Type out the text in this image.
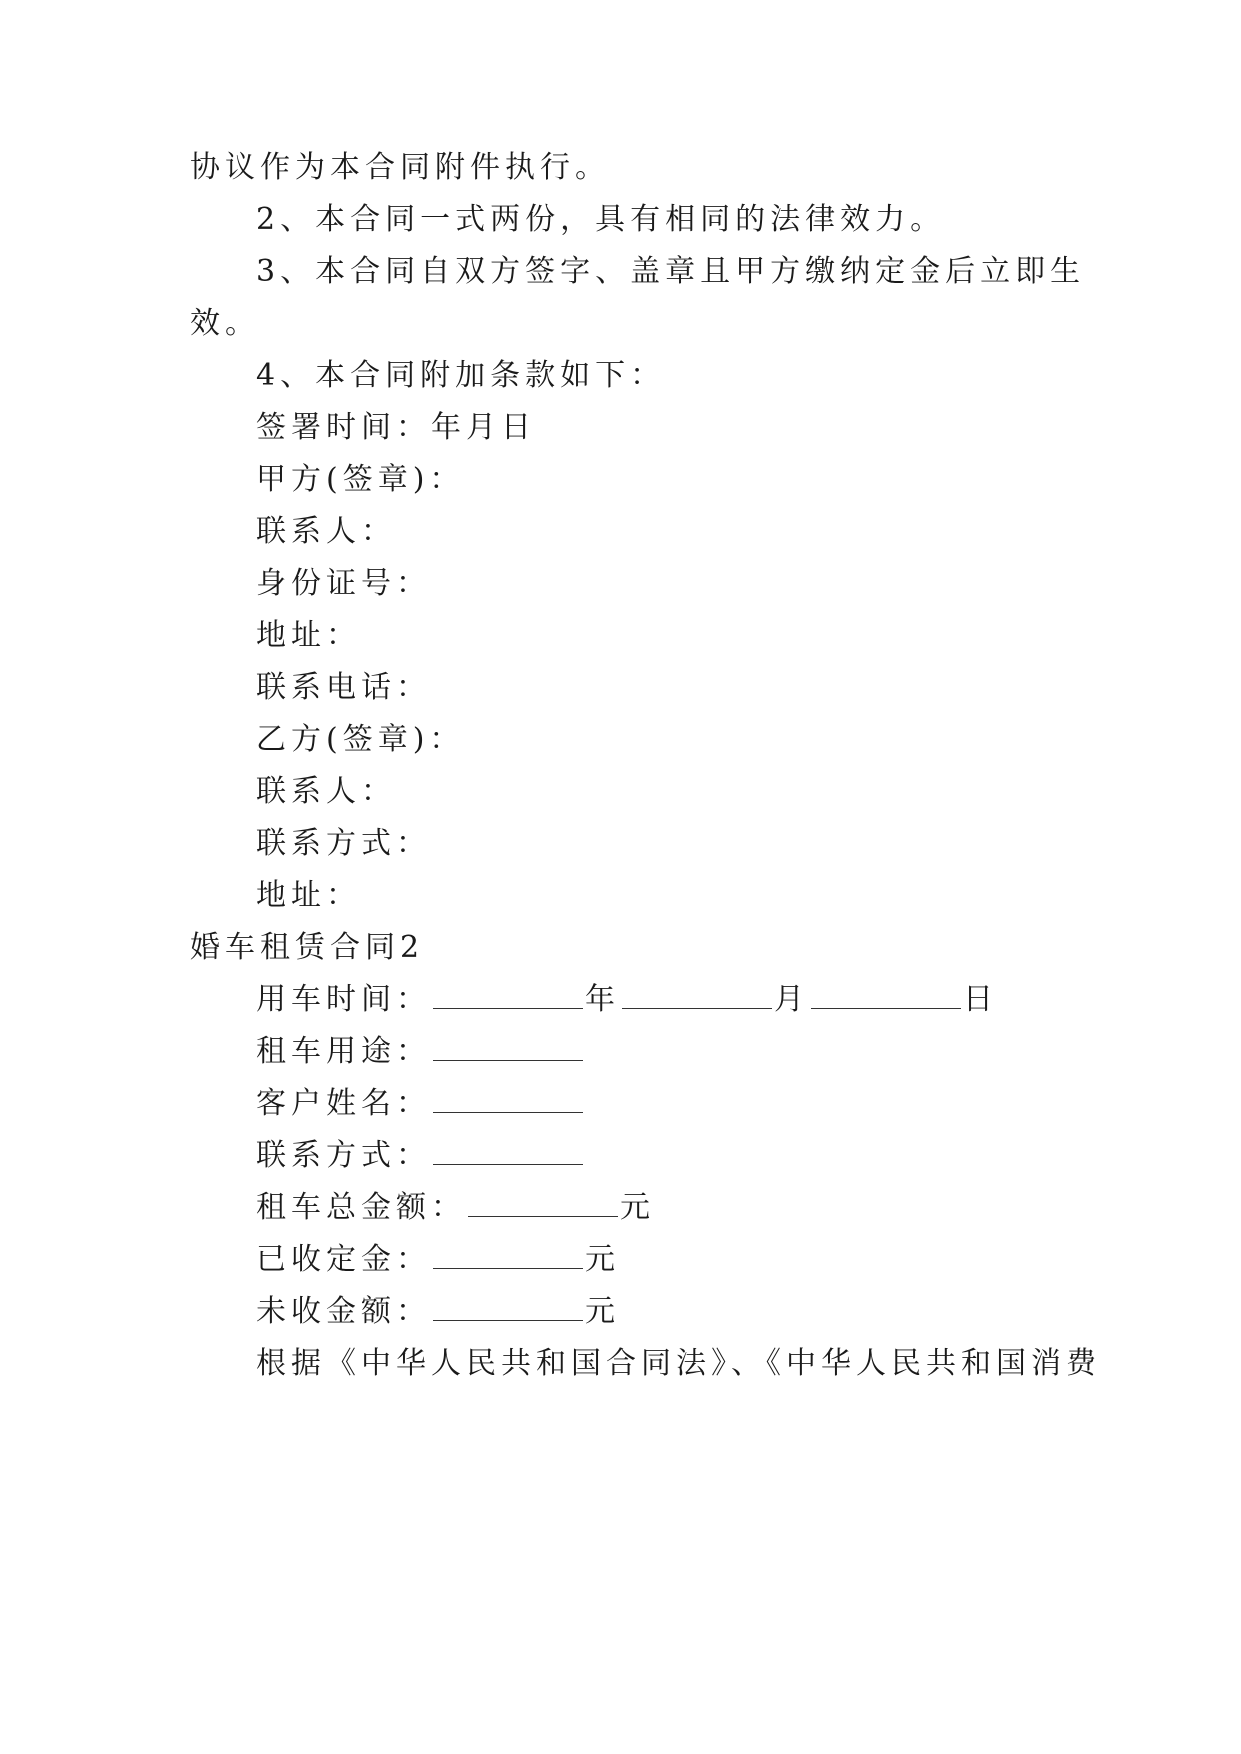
协议作为本合同附件执行。
2、本合同一式两份，具有相同的法律效力。
3、本合同自双方签字、盖章且甲方缴纳定金后立即生
效。
4、本合同附加条款如下：
签署时间：年月日
甲方(签章)：
联系人：
身份证号：
地址：
联系电话：
乙方(签章)：
联系人：
联系方式：
地址：
婚车租赁合同2
用车时间：	年	月	日
租车用途：
客户姓名：
联系方式：
租车总金额：	元
已收定金：	元
未收金额：	元
根据《中华人民共和国合同法》、《中华人民共和国消费
